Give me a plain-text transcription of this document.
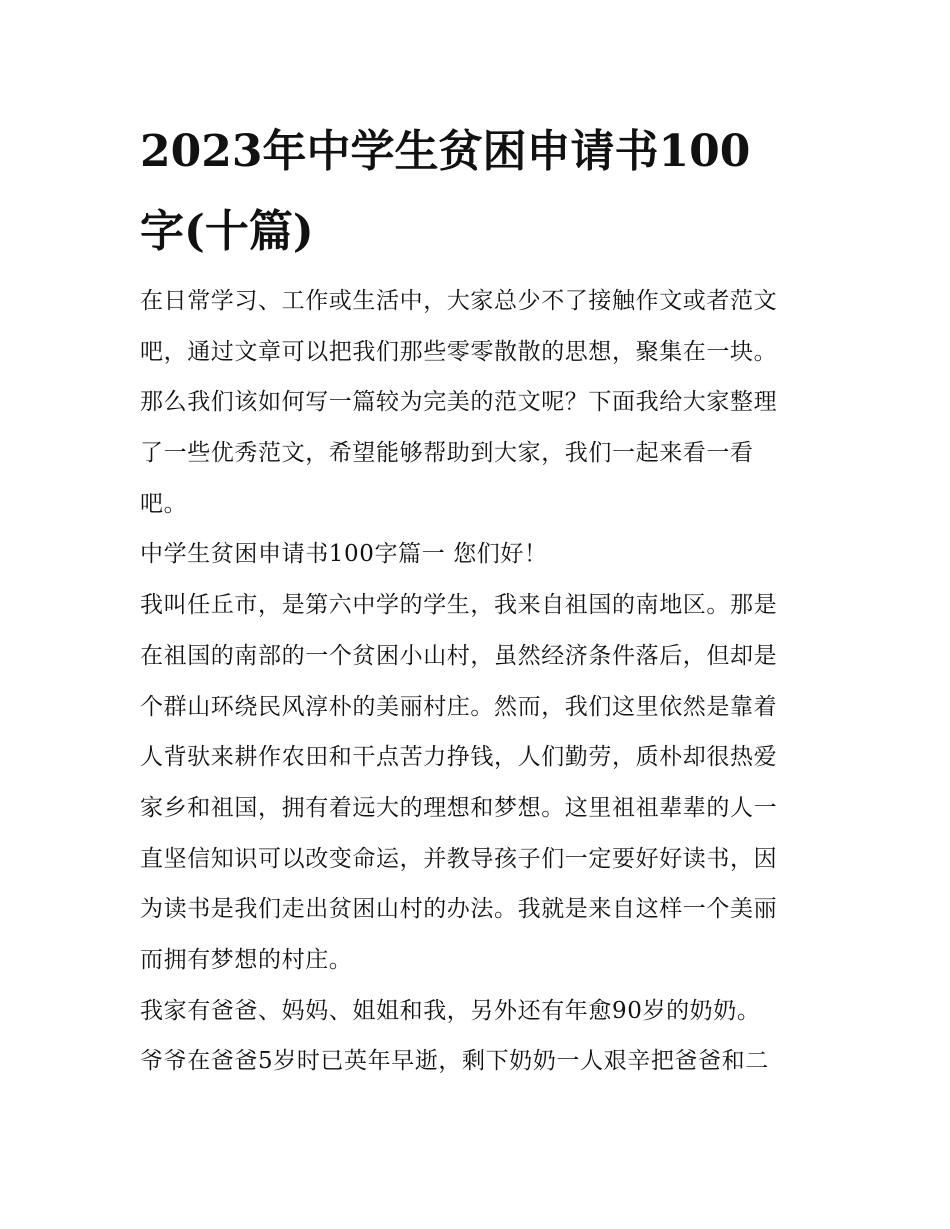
2023年中学生贫困申请书100
字(十篇)
在日常学习、工作或生活中，大家总少不了接触作文或者范文
吧，通过文章可以把我们那些零零散散的思想，聚集在一块。
那么我们该如何写一篇较为完美的范文呢？下面我给大家整理
了一些优秀范文，希望能够帮助到大家，我们一起来看一看
吧。
中学生贫困申请书100字篇一 您们好！
我叫任丘市，是第六中学的学生，我来自祖国的南地区。那是
在祖国的南部的一个贫困小山村，虽然经济条件落后，但却是
个群山环绕民风淳朴的美丽村庄。然而，我们这里依然是靠着
人背驮来耕作农田和干点苦力挣钱，人们勤劳，质朴却很热爱
家乡和祖国，拥有着远大的理想和梦想。这里祖祖辈辈的人一
直坚信知识可以改变命运，并教导孩子们一定要好好读书，因
为读书是我们走出贫困山村的办法。我就是来自这样一个美丽
而拥有梦想的村庄。
我家有爸爸、妈妈、姐姐和我，另外还有年愈90岁的奶奶。
爷爷在爸爸5岁时已英年早逝，剩下奶奶一人艰辛把爸爸和二
